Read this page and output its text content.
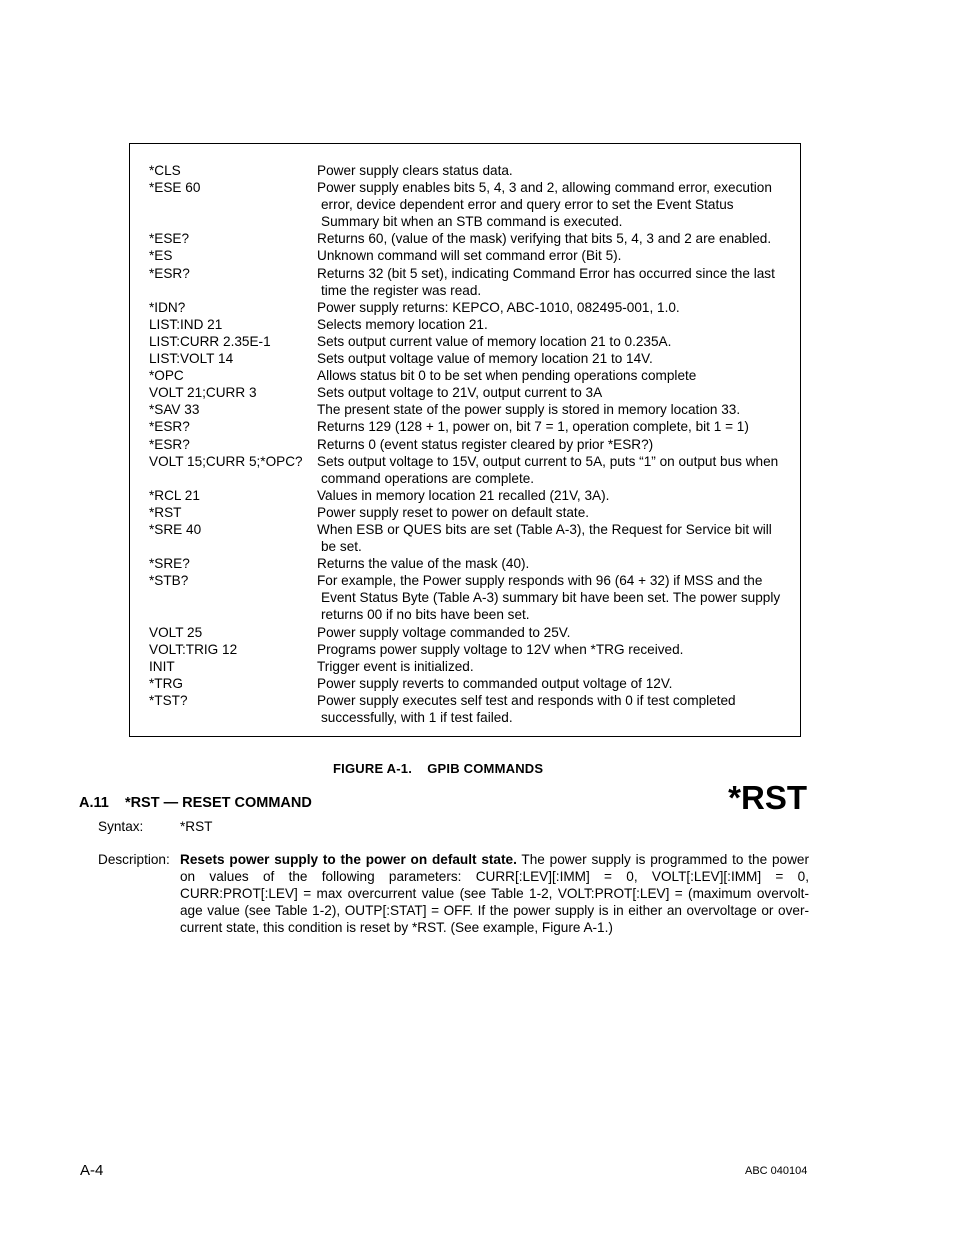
*CLS	Power supply clears status data.
*ESE 60	Power supply enables bits 5, 4, 3 and 2, allowing command error, execution
error, device dependent error and query error to set the Event Status
Summary bit when an STB command is executed.
*ESE?	Returns 60, (value of the mask) verifying that bits 5, 4, 3 and 2 are enabled.
*ES	Unknown command will set command error (Bit 5).
*ESR?	Returns 32 (bit 5 set), indicating Command Error has occurred since the last
time the register was read.
*IDN?	Power supply returns: KEPCO, ABC-1010, 082495-001, 1.0.
LIST:IND 21	Selects memory location 21.
LIST:CURR 2.35E-1	Sets output current value of memory location 21 to 0.235A.
LIST:VOLT 14	Sets output voltage value of memory location 21 to 14V.
*OPC	Allows status bit 0 to be set when pending operations complete
VOLT 21;CURR 3	Sets output voltage to 21V, output current to 3A
*SAV 33	The present state of the power supply is stored in memory location 33.
*ESR?	Returns 129 (128 + 1, power on, bit 7 = 1, operation complete, bit 1 = 1)
*ESR?	Returns 0 (event status register cleared by prior *ESR?)
VOLT 15;CURR 5;*OPC?	Sets output voltage to 15V, output current to 5A, puts “1” on output bus when
command operations are complete.
*RCL 21	Values in memory location 21 recalled (21V, 3A).
*RST	Power supply reset to power on default state.
*SRE 40	When ESB or QUES bits are set (Table A-3), the Request for Service bit will
be set.
*SRE?	Returns the value of the mask (40).
*STB?	For example, the Power supply responds with 96 (64 + 32) if MSS and the
Event Status Byte (Table A-3) summary bit have been set. The power supply
returns 00 if no bits have been set.
VOLT 25	Power supply voltage commanded to 25V.
VOLT:TRIG 12	Programs power supply voltage to 12V when *TRG received.
INIT	Trigger event is initialized.
*TRG	Power supply reverts to commanded output voltage of 12V.
*TST?	Power supply executes self test and responds with 0 if test completed
successfully, with 1 if test failed.
FIGURE A-1.    GPIB COMMANDS
A.11    *RST — RESET COMMAND	*RST
Syntax:	*RST
Description: Resets power supply to the power on default state. The power supply is programmed to the power
on values of the following parameters: CURR[:LEV][:IMM] = 0, VOLT[:LEV][:IMM] = 0,
CURR:PROT[:LEV] = max overcurrent value (see Table 1-2, VOLT:PROT[:LEV] = (maximum overvolt-
age value (see Table 1-2), OUTP[:STAT] = OFF. If the power supply is in either an overvoltage or over-
current state, this condition is reset by *RST. (See example, Figure A-1.)
A-4	ABC 040104
